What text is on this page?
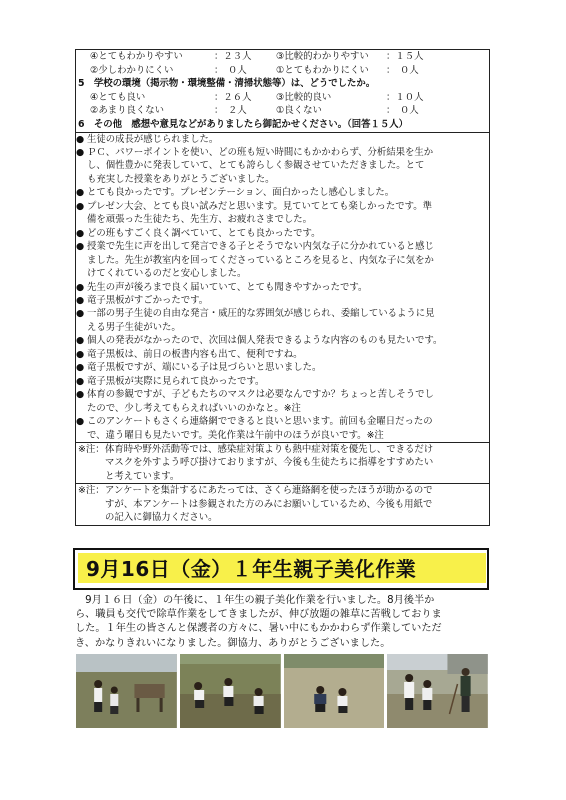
④とてもわかりやすい	：２３人	③比較的わかりやすい	：１５人
②少しわかりにくい	：　０人	①とてもわかりにくい	：　０人
5　学校の環境（掲示物・環境整備・清掃状態等）は、どうでしたか。
④とても良い	：２６人	③比較的良い	：１０人
②あまり良くない	：　２人	①良くない	：　０人
6　その他　感想や意見などがありましたら御記かせください。（回答１５人）
● 生徒の成長が感じられました。
● ＰＣ、パワーポイントを使い、どの班も短い時間にもかかわらず、分析結果を生か
し、個性豊かに発表していて、とても誇らしく参観させていただきました。とて
も充実した授業をありがとうございました。
● とても良かったです。プレゼンテーション、面白かったし感心しました。
● プレゼン大会、とても良い試みだと思います。見ていてとても楽しかったです。準
備を頑張った生徒たち、先生方、お疲れさまでした。
● どの班もすごく良く調べていて、とても良かったです。
● 授業で先生に声を出して発言できる子とそうでない内気な子に分かれていると感じ
ました。先生が教室内を回ってくださっているところを見ると、内気な子に気をか
けてくれているのだと安心しました。
● 先生の声が後ろまで良く届いていて、とても聞きやすかったです。
● 竜子黒板がすごかったです。
● 一部の男子生徒の自由な発言・威圧的な雰囲気が感じられ、委縮しているように見
える男子生徒がいた。
● 個人の発表がなかったので、次回は個人発表できるような内容のものも見たいです。
● 竜子黒板は、前日の板書内容も出て、便利ですね。
● 竜子黒板ですが、端にいる子は見づらいと思いました。
● 竜子黒板が実際に見られて良かったです。
● 体育の参観ですが、子どもたちのマスクは必要なんですか？ちょっと苦しそうでし
たので、少し考えてもらえればいいのかなと。※注
● このアンケートもさくら連絡網でできると良いと思います。前回も金曜日だったの
で、違う曜日も見たいです。美化作業は午前中のほうが良いです。※注
※注： 体育時や野外活動等では、感染症対策よりも熱中症対策を優先し、できるだけ
マスクを外すよう呼び掛けておりますが、今後も生徒たちに指導をすすめたい
と考えています。
※注： アンケートを集計するにあたっては、さくら連絡網を使ったほうが助かるので
すが、本アンケートは参観された方のみにお願いしているため、今後も用紙で
の記入に御協力ください。
9月16日（金）１年生親子美化作業
　9月１６日（金）の午後に、１年生の親子美化作業を行いました。8月後半か
ら、職員も交代で除草作業をしてきましたが、伸び放題の雑草に苦戦しておりま
した。１年生の皆さんと保護者の方々に、暑い中にもかかわらず作業していただ
き、かなりきれいになりました。御協力、ありがとうございました。
